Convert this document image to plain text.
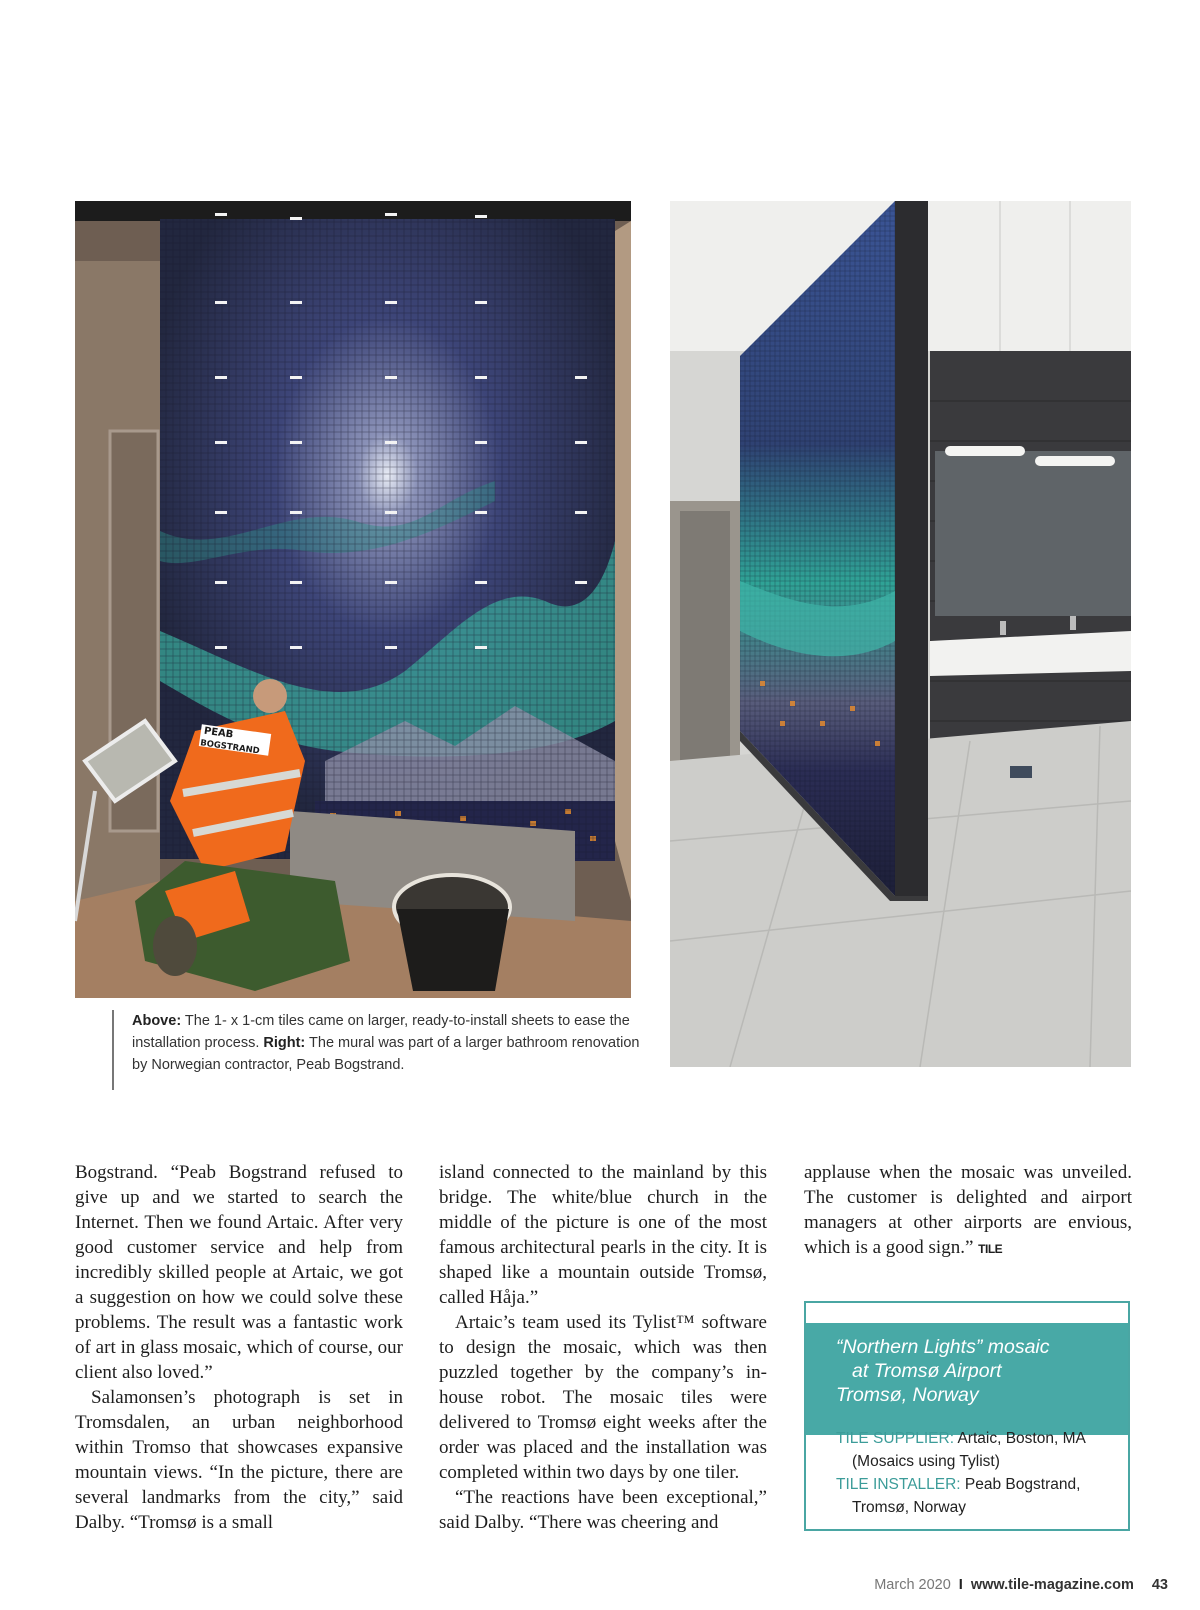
PEAB
BOGSTRAND
Above: The 1- x 1-cm tiles came on larger, ready-to-install sheets to ease the installation process. Right: The mural was part of a larger bathroom renovation by Norwegian contractor, Peab Bogstrand.

Bogstrand. “Peab Bogstrand refused to give up and we started to search the Internet. Then we found Artaic. After very good customer service and help from incredibly skilled people at Artaic, we got a suggestion on how we could solve these problems. The result was a fantastic work of art in glass mosaic, which of course, our client also loved.”

Salamonsen’s photograph is set in Tromsdalen, an urban neighborhood within Tromso that showcases expansive mountain views. “In the picture, there are several landmarks from the city,” said Dalby. “Tromsø is a small

island connected to the mainland by this bridge. The white/blue church in the middle of the picture is one of the most famous architectural pearls in the city. It is shaped like a mountain outside Tromsø, called Håja.”

Artaic’s team used its Tylist™ software to design the mosaic, which was then puzzled together by the company’s in-house robot. The mosaic tiles were delivered to Tromsø eight weeks after the order was placed and the installation was completed within two days by one tiler.

“The reactions have been exceptional,” said Dalby. “There was cheering and

applause when the mosaic was unveiled. The customer is delighted and airport managers at other airports are envious, which is a good sign.” TILE

“Northern Lights” mosaic
at Tromsø Airport
Tromsø, Norway
TILE SUPPLIER: Artaic, Boston, MA
(Mosaics using Tylist)
TILE INSTALLER: Peab Bogstrand,
Tromsø, Norway
March 2020 I www.tile-magazine.com 43
